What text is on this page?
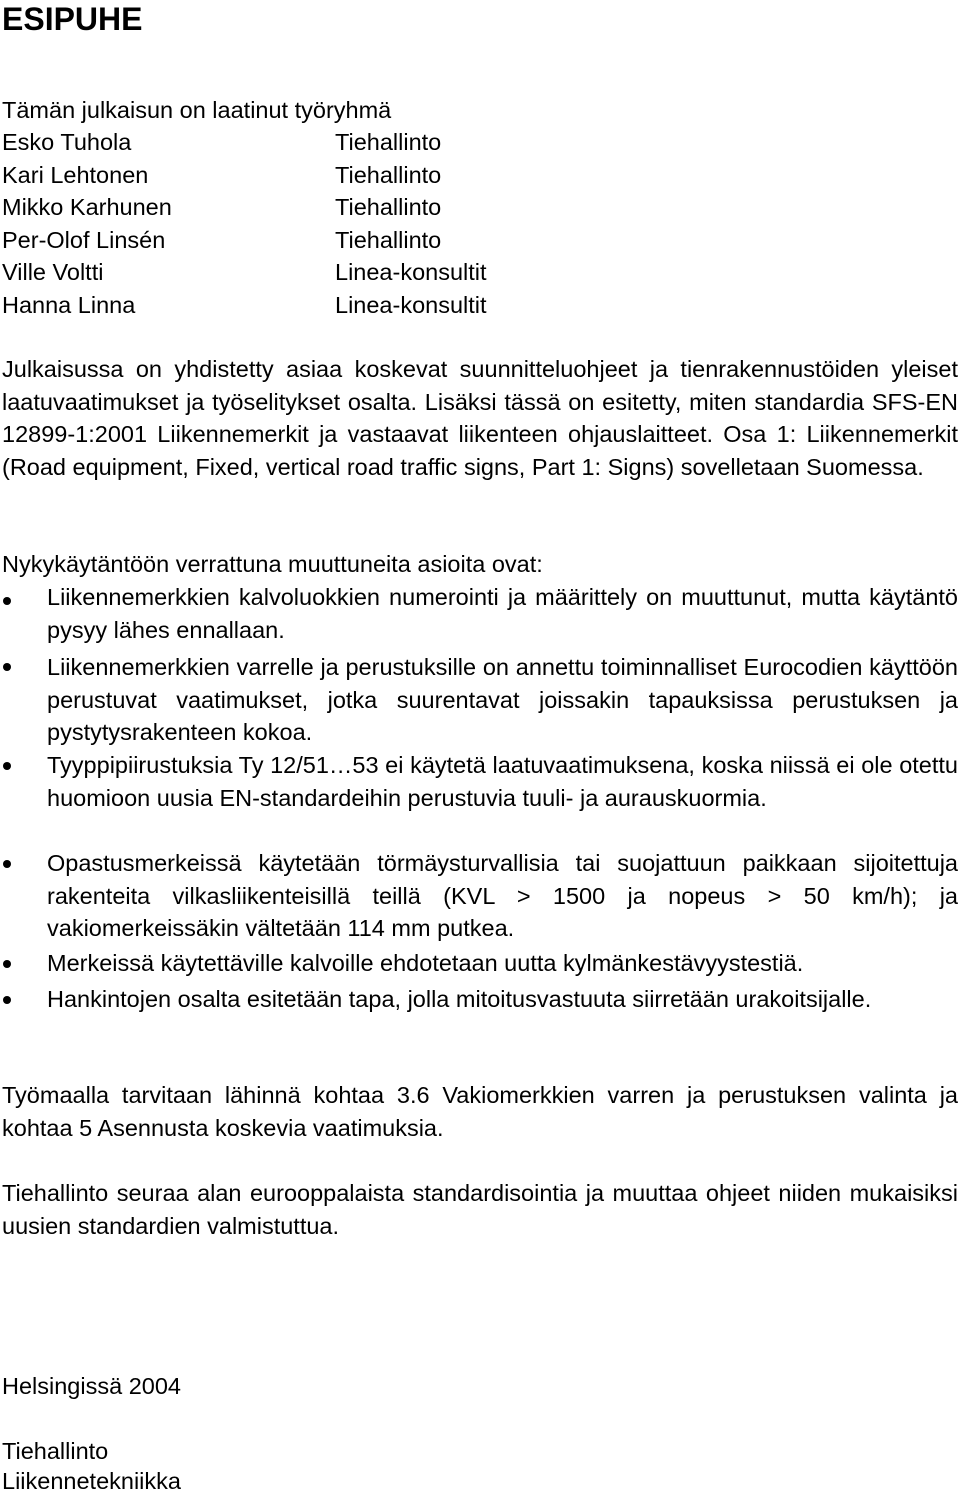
ESIPUHE
Tämän julkaisun on laatinut työryhmä
Esko Tuhola	Tiehallinto
Kari Lehtonen	Tiehallinto
Mikko Karhunen	Tiehallinto
Per-Olof Linsén	Tiehallinto
Ville Voltti	Linea-konsultit
Hanna Linna	Linea-konsultit

Julkaisussa on yhdistetty asiaa koskevat suunnitteluohjeet ja tienrakennustöiden yleiset laatuvaatimukset ja työselitykset osalta. Lisäksi tässä on esitetty, miten standardia SFS-EN 12899-1:2001 Liikennemerkit ja vastaavat liikenteen ohjauslaitteet. Osa 1: Liikennemerkit (Road equipment, Fixed, vertical road traffic signs, Part 1: Signs) sovelletaan Suomessa.

Nykykäytäntöön verrattuna muuttuneita asioita ovat:

Liikennemerkkien kalvoluokkien numerointi ja määrittely on muuttunut, mutta käytäntö pysyy lähes ennallaan.

Liikennemerkkien varrelle ja perustuksille on annettu toiminnalliset Eurocodien käyttöön perustuvat vaatimukset, jotka suurentavat joissakin tapauksissa perustuksen ja pystytysrakenteen kokoa.

Tyyppipiirustuksia Ty 12/51…53 ei käytetä laatuvaatimuksena, koska niissä ei ole otettu huomioon uusia EN-standardeihin perustuvia tuuli- ja aurauskuormia.

Opastusmerkeissä käytetään törmäysturvallisia tai suojattuun paikkaan sijoitettuja rakenteita vilkasliikenteisillä teillä (KVL > 1500 ja nopeus > 50 km/h); ja vakiomerkeissäkin vältetään 114 mm putkea.

Merkeissä käytettäville kalvoille ehdotetaan uutta kylmänkestävyystestiä.

Hankintojen osalta esitetään tapa, jolla mitoitusvastuuta siirretään urakoitsijalle.

Työmaalla tarvitaan lähinnä kohtaa 3.6 Vakiomerkkien varren ja perustuksen valinta ja kohtaa 5 Asennusta koskevia vaatimuksia.

Tiehallinto seuraa alan eurooppalaista standardisointia ja muuttaa ohjeet niiden mukaisiksi uusien standardien valmistuttua.

Helsingissä 2004
Tiehallinto
Liikennetekniikka
